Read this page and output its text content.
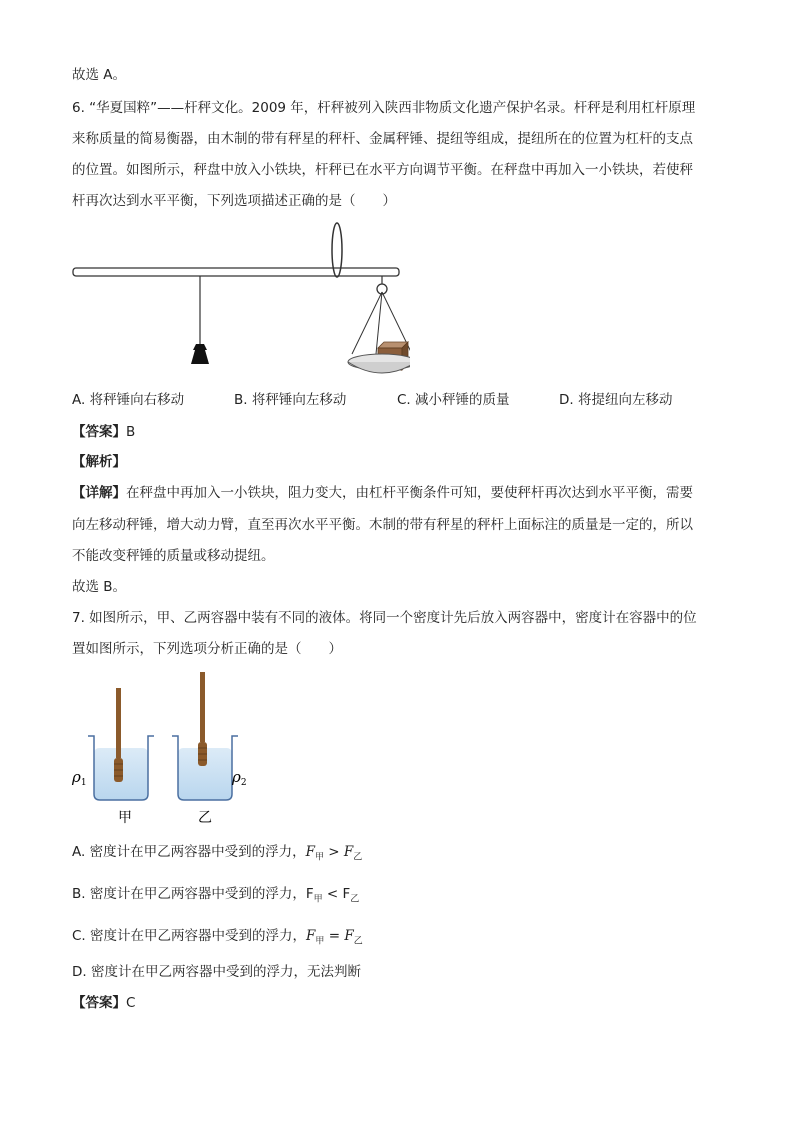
故选 A。
6. “华夏国粹”——杆秤文化。2009 年，杆秤被列入陕西非物质文化遗产保护名录。杆秤是利用杠杆原理
来称质量的简易衡器，由木制的带有秤星的秤杆、金属秤锤、提纽等组成，提纽所在的位置为杠杆的支点
的位置。如图所示，秤盘中放入小铁块，杆秤已在水平方向调节平衡。在秤盘中再加入一小铁块，若使秤
杆再次达到水平平衡，下列选项描述正确的是（　　）
A. 将秤锤向右移动	B. 将秤锤向左移动	C. 减小秤锤的质量	D. 将提纽向左移动
【答案】B
【解析】
【详解】在秤盘中再加入一小铁块，阻力变大，由杠杆平衡条件可知，要使秤杆再次达到水平平衡，需要
向左移动秤锤，增大动力臂，直至再次水平平衡。木制的带有秤星的秤杆上面标注的质量是一定的，所以
不能改变秤锤的质量或移动提纽。
故选 B。
7. 如图所示，甲、乙两容器中装有不同的液体。将同一个密度计先后放入两容器中，密度计在容器中的位
置如图所示，下列选项分析正确的是（　　）
$\rho_1$	$\rho_2$
甲	乙
A. 密度计在甲乙两容器中受到的浮力，$F_甲 > F_乙$
B. 密度计在甲乙两容器中受到的浮力，$F_甲 < F_乙$
C. 密度计在甲乙两容器中受到的浮力，$F_甲 = F_乙$
D. 密度计在甲乙两容器中受到的浮力，无法判断
【答案】C
